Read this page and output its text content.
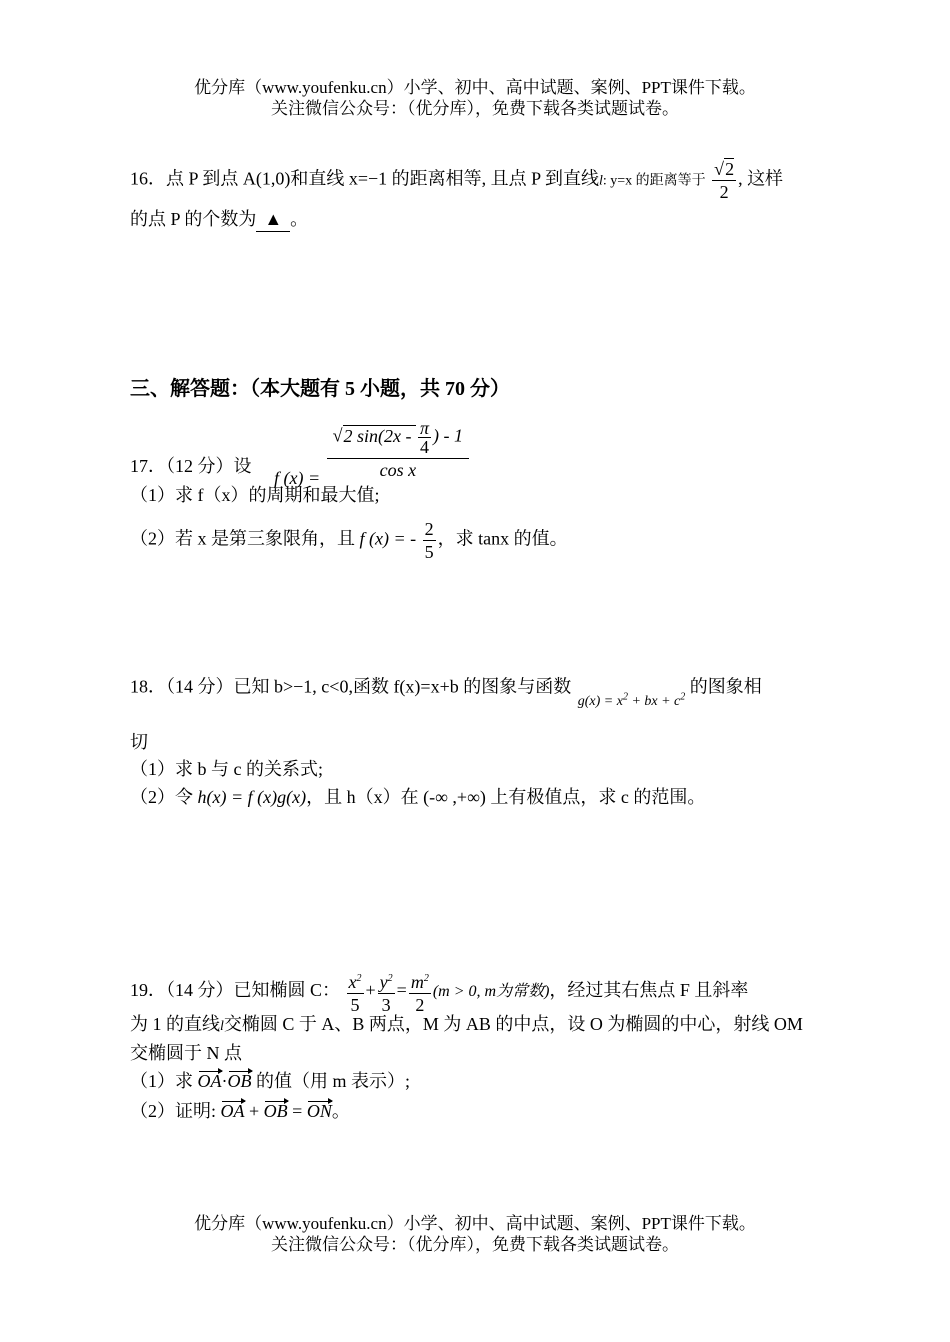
优分库（www.youfenku.cn）小学、初中、高中试题、案例、PPT课件下载。
关注微信公众号：（优分库），免费下载各类试题试卷。
16．点 P 到点 A(1,0)和直线 x=−1 的距离相等, 且点 P 到直线l: y=x 的距离等于 $\frac{√2}{2}$ , 这样
的点 P 的个数为 ▲ 。
三、解答题：（本大题有 5 小题，共 70 分）
17．（12 分）设 f $(x) = \frac{√2 \sin(2x - \frac{\pi}{4} ) - 1}{\text{cos x}}$
（1）求 f（x）的周期和最大值;
（2）若 x 是第三象限角，且 f (x) = - $\frac{2}{5}$ ，求 tanx 的值。
18．（14 分）已知 b>−1, c<0,函数 f(x)=x+b 的图象与函数 $_{g(x) = x^2 + bx + c^2}$ 的图象相
切
（1）求 b 与 c 的关系式;
（2）令 h(x) = f (x)g(x)，且 h（x）在 (-∞ ,+∞) 上有极值点，求 c 的范围。
19．（14 分）已知椭圆 C： $\frac{x^2}{5} + \frac{y^2}{3} = \frac{m^2}{2} (m > 0$, m为常数)，经过其右焦点 F 且斜率
为 1 的直线l交椭圆 C 于 A、B 两点，M 为 AB 的中点，设 O 为椭圆的中心，射线 OM
交椭圆于 N 点
（1）求 OA·OB 的值（用 m 表示）;
（2）证明: OA + OB = ON。
优分库（www.youfenku.cn）小学、初中、高中试题、案例、PPT课件下载。
关注微信公众号：（优分库），免费下载各类试题试卷。
